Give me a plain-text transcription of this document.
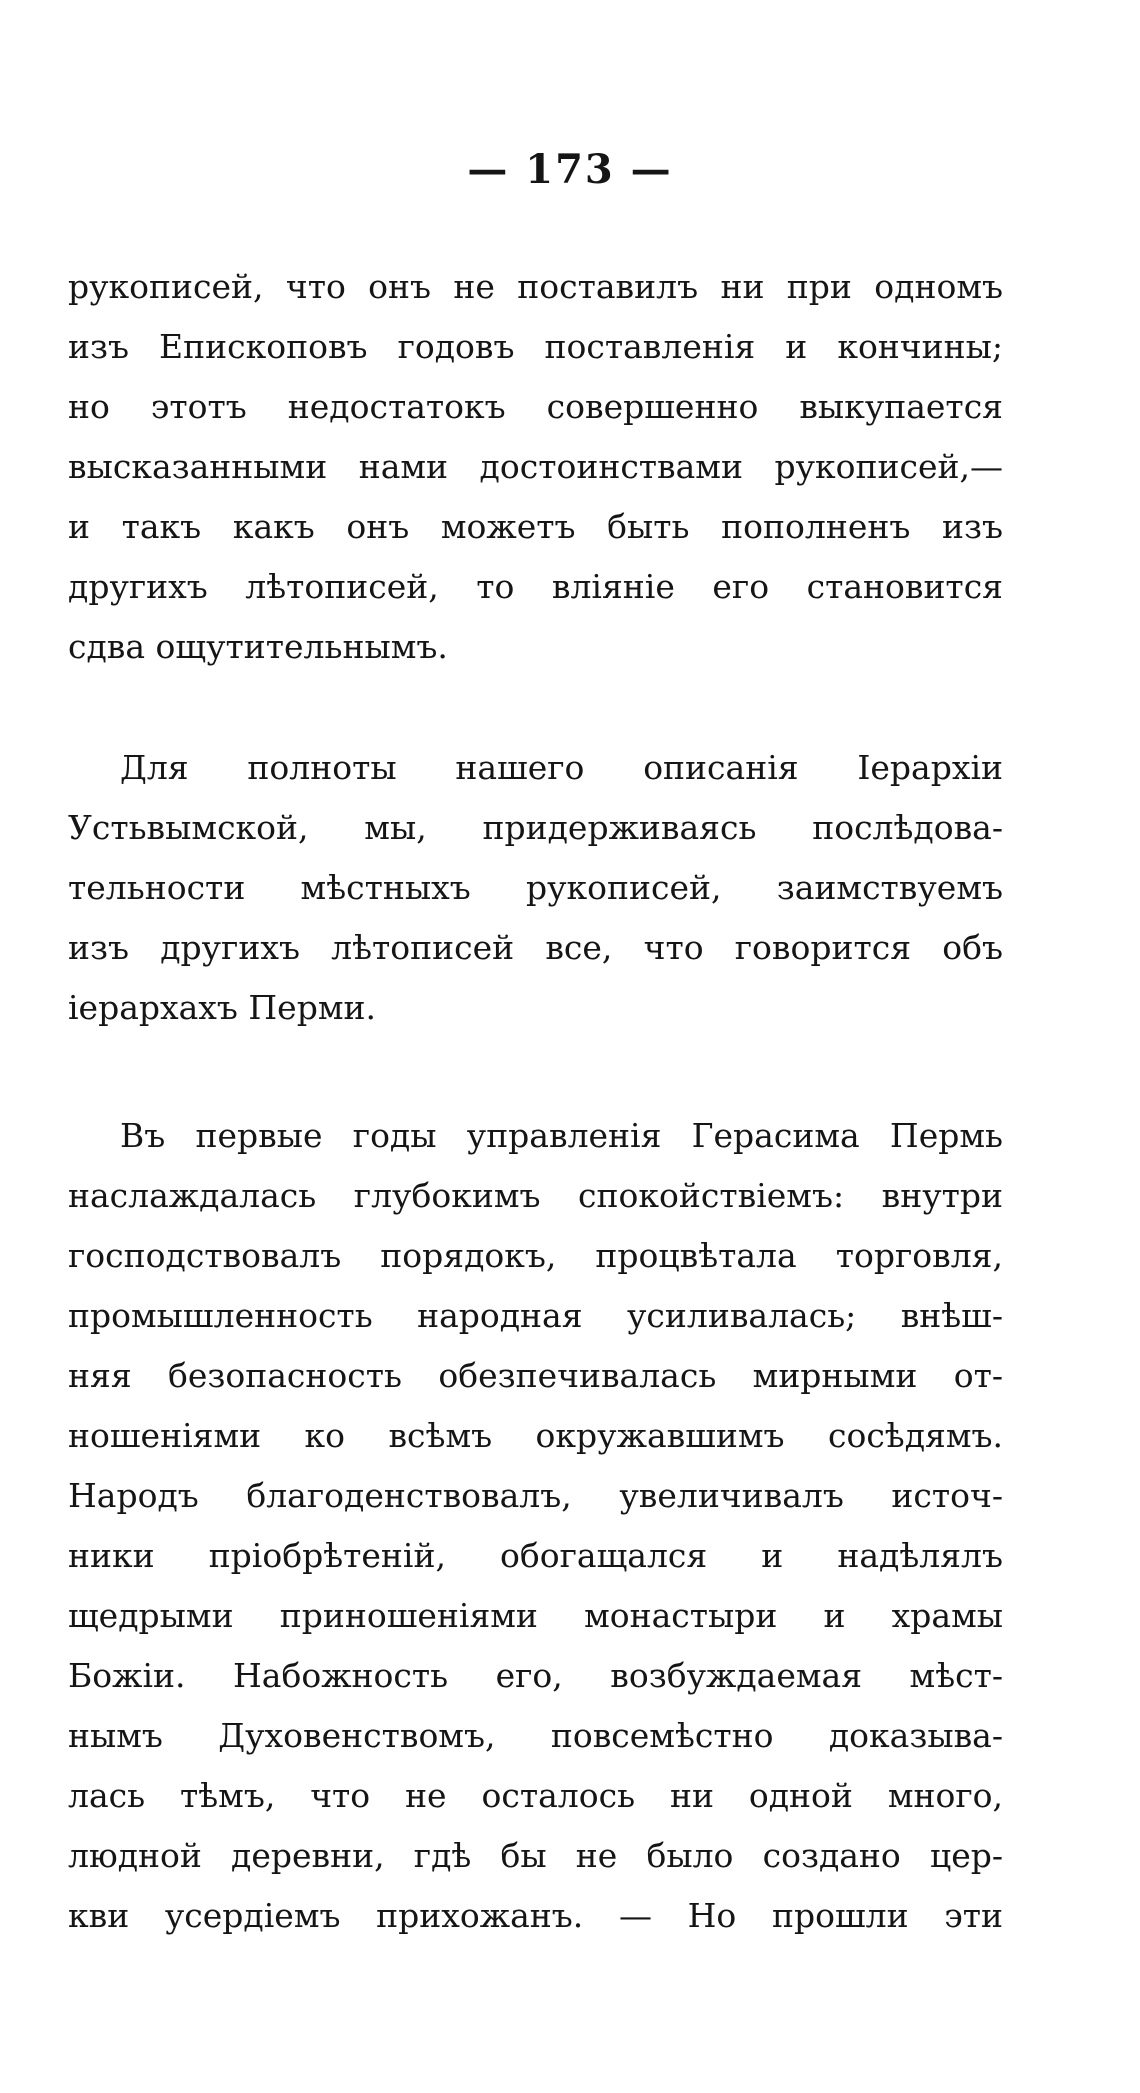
— 173 —
рукописей, что онъ не поставилъ ни при одномъ
изъ Епископовъ годовъ поставленія и кончины;
но этотъ недостатокъ совершенно выкупается
высказанными нами достоинствами рукописей,—
и такъ какъ онъ можетъ быть пополненъ изъ
другихъ лѣтописей, то вліяніе его становится
сдва ощутительнымъ.
Для полноты нашего описанія Іерархіи
Устьвымской, мы, придерживаясь послѣдова-
тельности мѣстныхъ рукописей, заимствуемъ
изъ другихъ лѣтописей все, что говорится объ
іерархахъ Перми.
Въ первые годы управленія Герасима Пермь
наслаждалась глубокимъ спокойствіемъ: внутри
господствовалъ порядокъ, процвѣтала торговля,
промышленность народная усиливалась; внѣш-
няя безопасность обезпечивалась мирными от-
ношеніями ко всѣмъ окружавшимъ сосѣдямъ.
Народъ благоденствовалъ, увеличивалъ источ-
ники пріобрѣтеній, обогащался и надѣлялъ
щедрыми приношеніями монастыри и храмы
Божіи. Набожность его, возбуждаемая мѣст-
нымъ Духовенствомъ, повсемѣстно доказыва-
лась тѣмъ, что не осталось ни одной много,
людной деревни, гдѣ бы не было создано цер-
кви усердіемъ прихожанъ. — Но прошли эти
